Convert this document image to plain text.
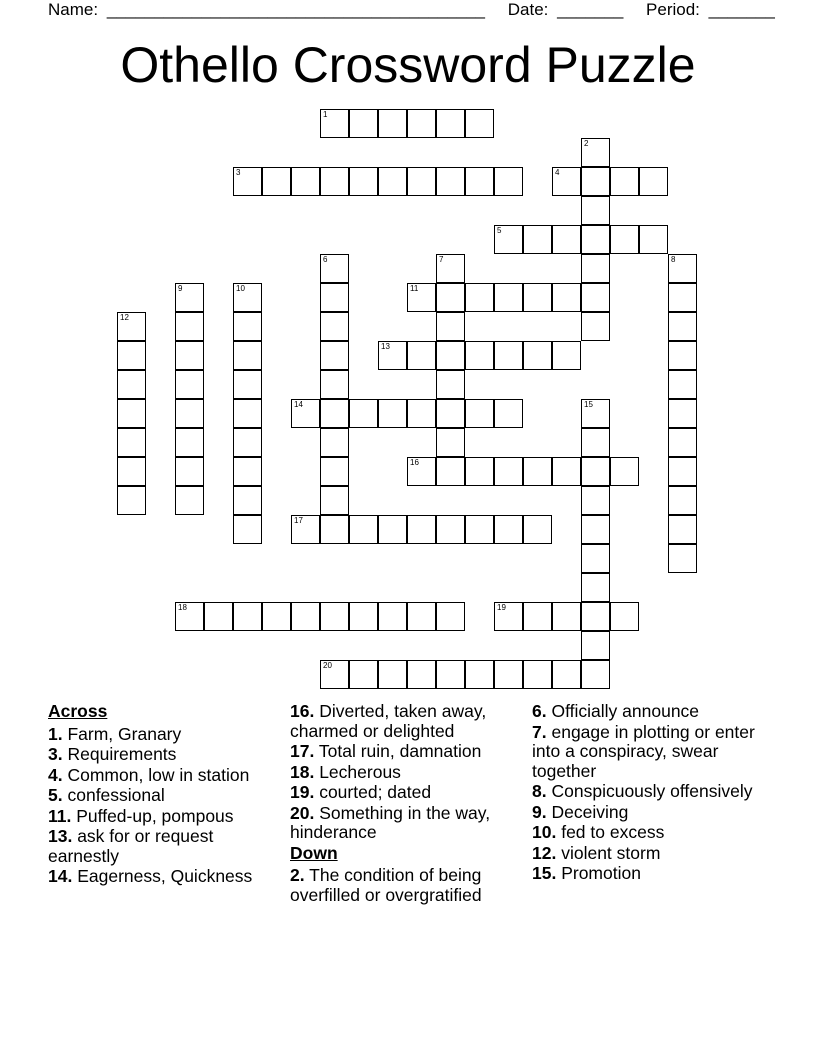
Name: ________________________________________ Date: _______ Period: _______
Othello Crossword Puzzle
1
2
3	4
5
6	7	8
9	10	11
12
13
14	15
16
17
18	19
20
Across
1. Farm, Granary
3. Requirements
4. Common, low in station
5. confessional
11. Puffed-up, pompous
13. ask for or request earnestly
14. Eagerness, Quickness
16. Diverted, taken away, charmed or delighted
17. Total ruin, damnation
18. Lecherous
19. courted; dated
20. Something in the way, hinderance
Down
2. The condition of being overfilled or overgratified
6. Officially announce
7. engage in plotting or enter into a conspiracy, swear together
8. Conspicuously offensively
9. Deceiving
10. fed to excess
12. violent storm
15. Promotion
